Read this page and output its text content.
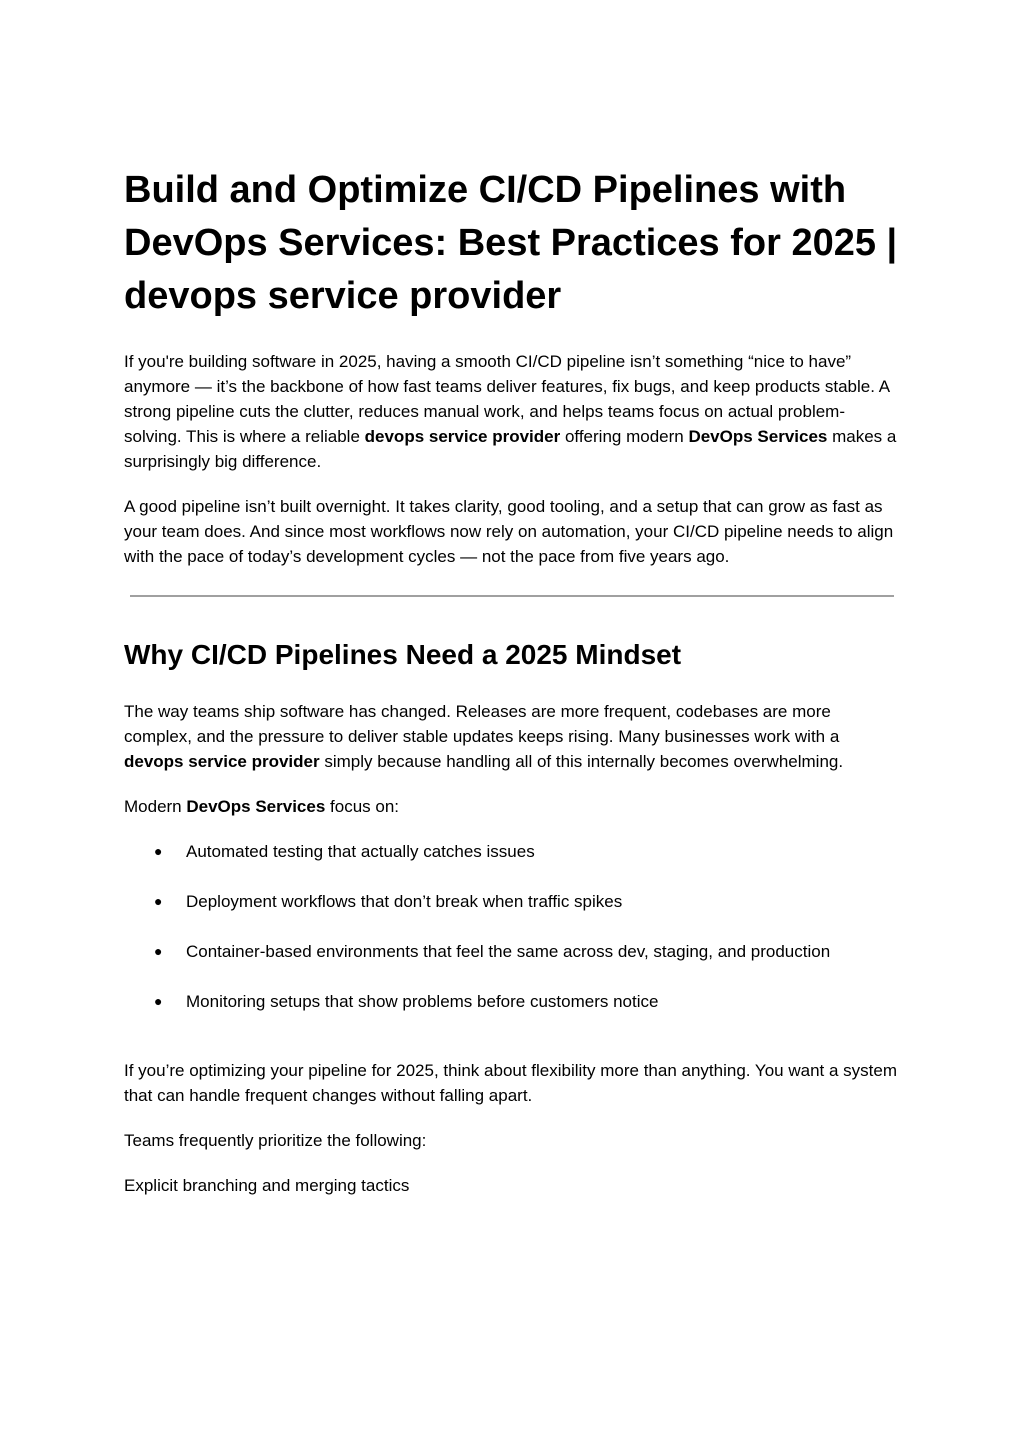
Build and Optimize CI/CD Pipelines with DevOps Services: Best Practices for 2025 | devops service provider

If you're building software in 2025, having a smooth CI/CD pipeline isn’t something “nice to have” anymore — it’s the backbone of how fast teams deliver features, fix bugs, and keep products stable. A strong pipeline cuts the clutter, reduces manual work, and helps teams focus on actual problem-solving. This is where a reliable devops service provider offering modern DevOps Services makes a surprisingly big difference.

A good pipeline isn’t built overnight. It takes clarity, good tooling, and a setup that can grow as fast as your team does. And since most workflows now rely on automation, your CI/CD pipeline needs to align with the pace of today’s development cycles — not the pace from five years ago.

Why CI/CD Pipelines Need a 2025 Mindset

The way teams ship software has changed. Releases are more frequent, codebases are more complex, and the pressure to deliver stable updates keeps rising. Many businesses work with a devops service provider simply because handling all of this internally becomes overwhelming.

Modern DevOps Services focus on:

● Automated testing that actually catches issues
● Deployment workflows that don’t break when traffic spikes
● Container-based environments that feel the same across dev, staging, and production
● Monitoring setups that show problems before customers notice

If you’re optimizing your pipeline for 2025, think about flexibility more than anything. You want a system that can handle frequent changes without falling apart.

Teams frequently prioritize the following:

Explicit branching and merging tactics
